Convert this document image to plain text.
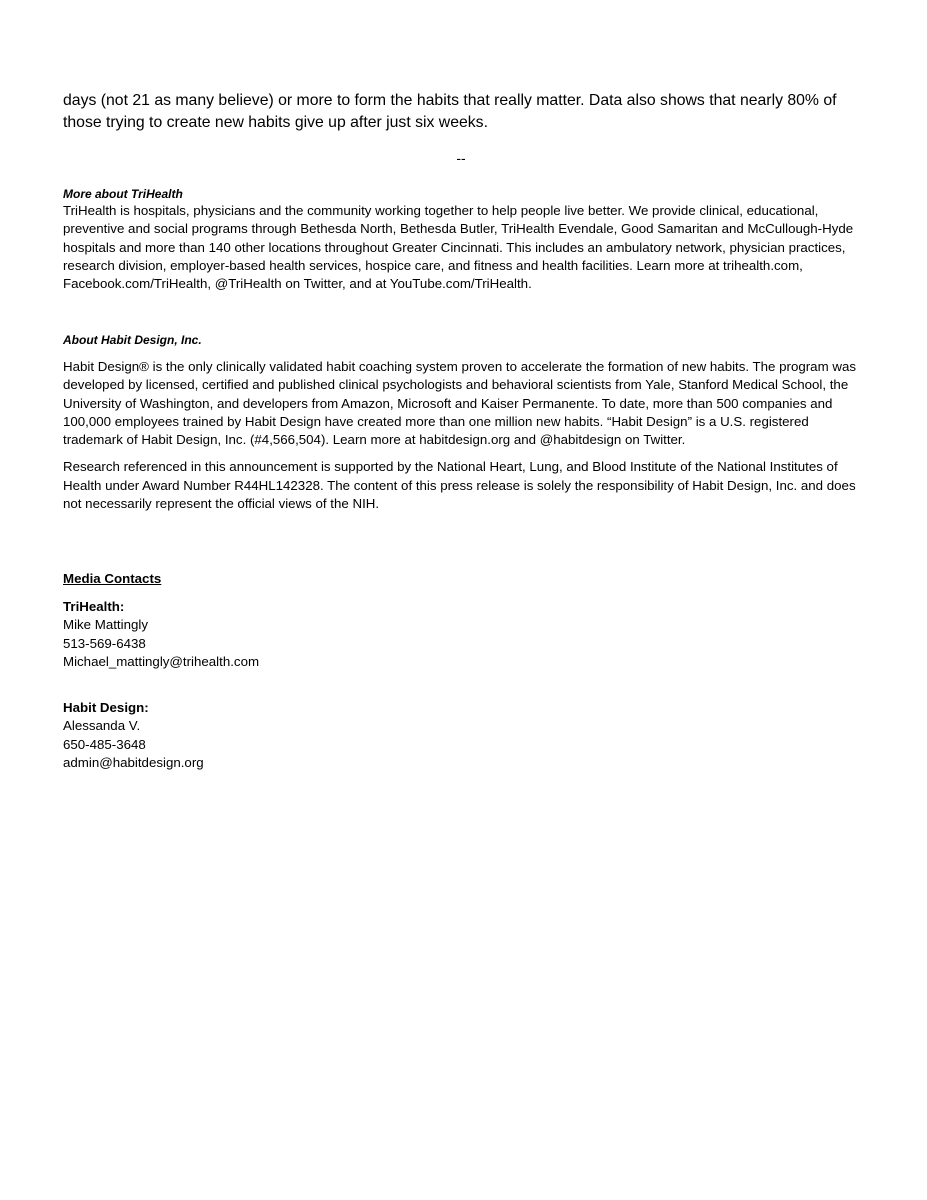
days (not 21 as many believe) or more to form the habits that really matter. Data also shows that nearly 80% of those trying to create new habits give up after just six weeks.

--

More about TriHealth

TriHealth is hospitals, physicians and the community working together to help people live better. We provide clinical, educational, preventive and social programs through Bethesda North, Bethesda Butler, TriHealth Evendale, Good Samaritan and McCullough-Hyde hospitals and more than 140 other locations throughout Greater Cincinnati. This includes an ambulatory network, physician practices, research division, employer-based health services, hospice care, and fitness and health facilities. Learn more at trihealth.com, Facebook.com/TriHealth, @TriHealth on Twitter, and at YouTube.com/TriHealth.

About Habit Design, Inc.

Habit Design® is the only clinically validated habit coaching system proven to accelerate the formation of new habits. The program was developed by licensed, certified and published clinical psychologists and behavioral scientists from Yale, Stanford Medical School, the University of Washington, and developers from Amazon, Microsoft and Kaiser Permanente. To date, more than 500 companies and 100,000 employees trained by Habit Design have created more than one million new habits. “Habit Design” is a U.S. registered trademark of Habit Design, Inc. (#4,566,504). Learn more at habitdesign.org and @habitdesign on Twitter.

Research referenced in this announcement is supported by the National Heart, Lung, and Blood Institute of the National Institutes of Health under Award Number R44HL142328. The content of this press release is solely the responsibility of Habit Design, Inc. and does not necessarily represent the official views of the NIH.

Media Contacts

TriHealth:
Mike Mattingly
513-569-6438
Michael_mattingly@trihealth.com
Habit Design:
Alessanda V.
650-485-3648
admin@habitdesign.org
